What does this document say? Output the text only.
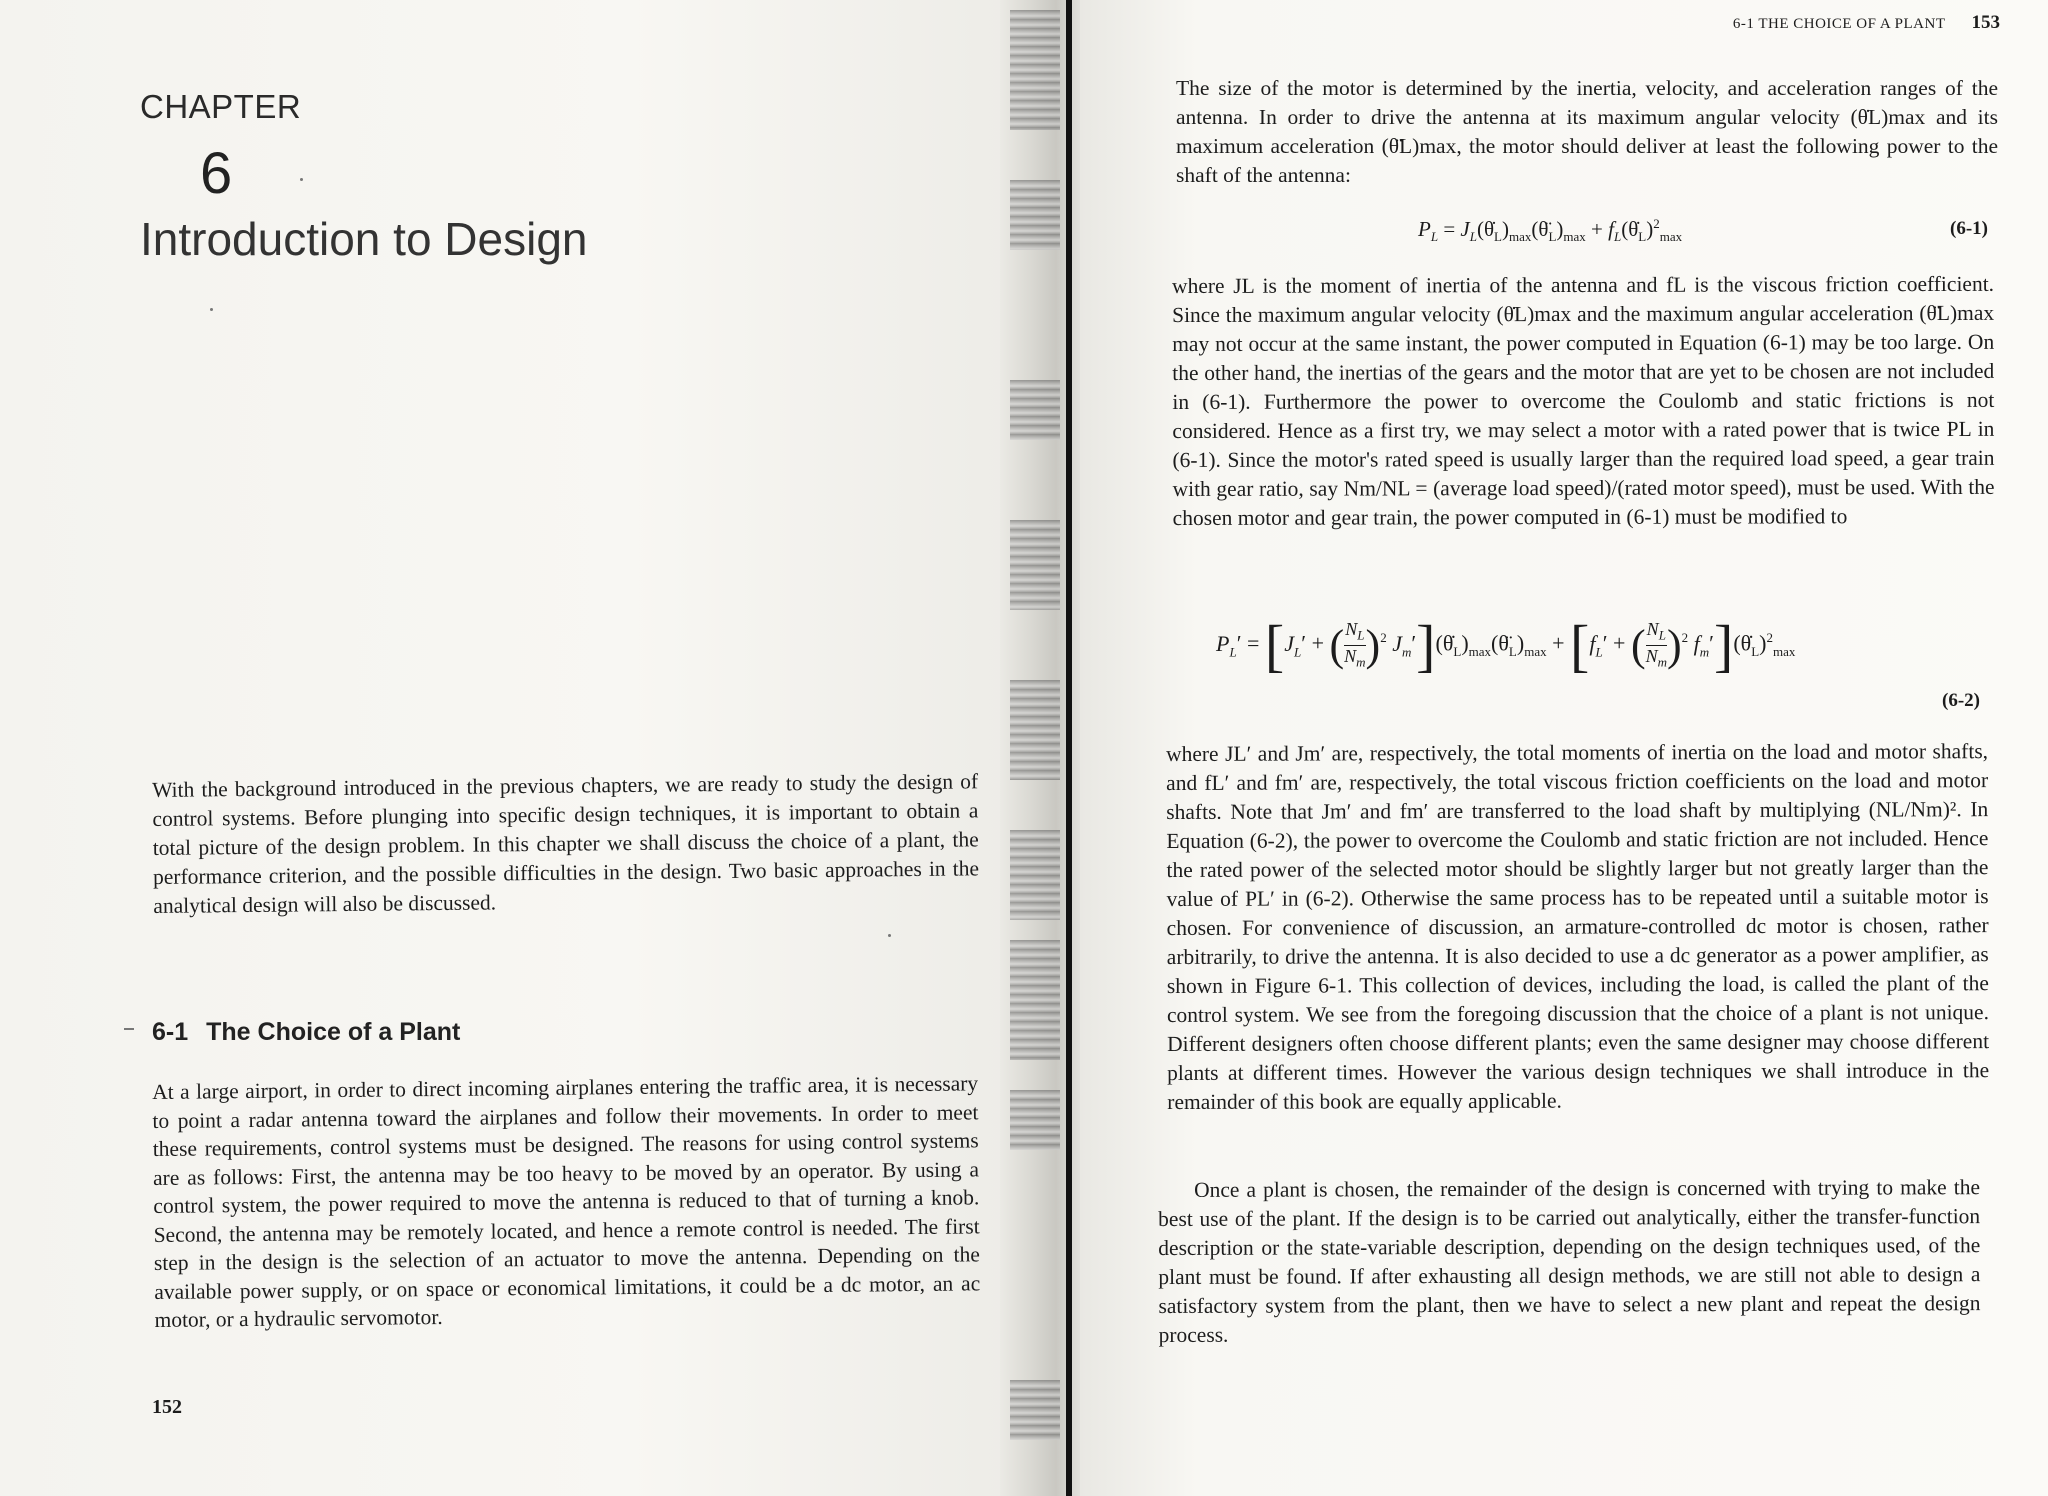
CHAPTER
6
Introduction to Design
With the background introduced in the previous chapters, we are ready to study the design of control systems. Before plunging into specific design techniques, it is important to obtain a total picture of the design problem. In this chapter we shall discuss the choice of a plant, the performance criterion, and the possible difficulties in the design. Two basic approaches in the analytical design will also be discussed.
6-1 The Choice of a Plant
At a large airport, in order to direct incoming airplanes entering the traffic area, it is necessary to point a radar antenna toward the airplanes and follow their movements. In order to meet these requirements, control systems must be designed. The reasons for using control systems are as follows: First, the antenna may be too heavy to be moved by an operator. By using a control system, the power required to move the antenna is reduced to that of turning a knob. Second, the antenna may be remotely located, and hence a remote control is needed. The first step in the design is the selection of an actuator to move the antenna. Depending on the available power supply, or on space or economical limitations, it could be a dc motor, an ac motor, or a hydraulic servomotor.
152
6-1 THE CHOICE OF A PLANT 153
The size of the motor is determined by the inertia, velocity, and acceleration ranges of the antenna. In order to drive the antenna at its maximum angular velocity (θ̇L)max and its maximum acceleration (θ̈L)max, the motor should deliver at least the following power to the shaft of the antenna:
$P_L$ = $J_L(\thetȧ_L)_{max}(\thetä_L)_{max}$ + $f_L(\thetȧ_L)^2_{max}$	(6-1)
where JL is the moment of inertia of the antenna and fL is the viscous friction coefficient. Since the maximum angular velocity (θ̇L)max and the maximum angular acceleration (θ̈L)max may not occur at the same instant, the power computed in Equation (6-1) may be too large. On the other hand, the inertias of the gears and the motor that are yet to be chosen are not included in (6-1). Furthermore the power to overcome the Coulomb and static frictions is not considered. Hence as a first try, we may select a motor with a rated power that is twice PL in (6-1). Since the motor's rated speed is usually larger than the required load speed, a gear train with gear ratio, say Nm/NL = (average load speed)/(rated motor speed), must be used. With the chosen motor and gear train, the power computed in (6-1) must be modified to
$P_L' = [J_L' + (\frac{N_L}{N_m})^2$ $J_m'](\thetȧ_L)_{max}(\thetä_L)_{max} + [f_L' + (\frac{N_L}{N_m})^2$ $f_m'](\thetȧ_L)^2_{max}$
(6-2)
where JL′ and Jm′ are, respectively, the total moments of inertia on the load and motor shafts, and fL′ and fm′ are, respectively, the total viscous friction coefficients on the load and motor shafts. Note that Jm′ and fm′ are transferred to the load shaft by multiplying (NL/Nm)². In Equation (6-2), the power to overcome the Coulomb and static friction are not included. Hence the rated power of the selected motor should be slightly larger but not greatly larger than the value of PL′ in (6-2). Otherwise the same process has to be repeated until a suitable motor is chosen. For convenience of discussion, an armature-controlled dc motor is chosen, rather arbitrarily, to drive the antenna. It is also decided to use a dc generator as a power amplifier, as shown in Figure 6-1. This collection of devices, including the load, is called the plant of the control system. We see from the foregoing discussion that the choice of a plant is not unique. Different designers often choose different plants; even the same designer may choose different plants at different times. However the various design techniques we shall introduce in the remainder of this book are equally applicable.
Once a plant is chosen, the remainder of the design is concerned with trying to make the best use of the plant. If the design is to be carried out analytically, either the transfer-function description or the state-variable description, depending on the design techniques used, of the plant must be found. If after exhausting all design methods, we are still not able to design a satisfactory system from the plant, then we have to select a new plant and repeat the design process.
